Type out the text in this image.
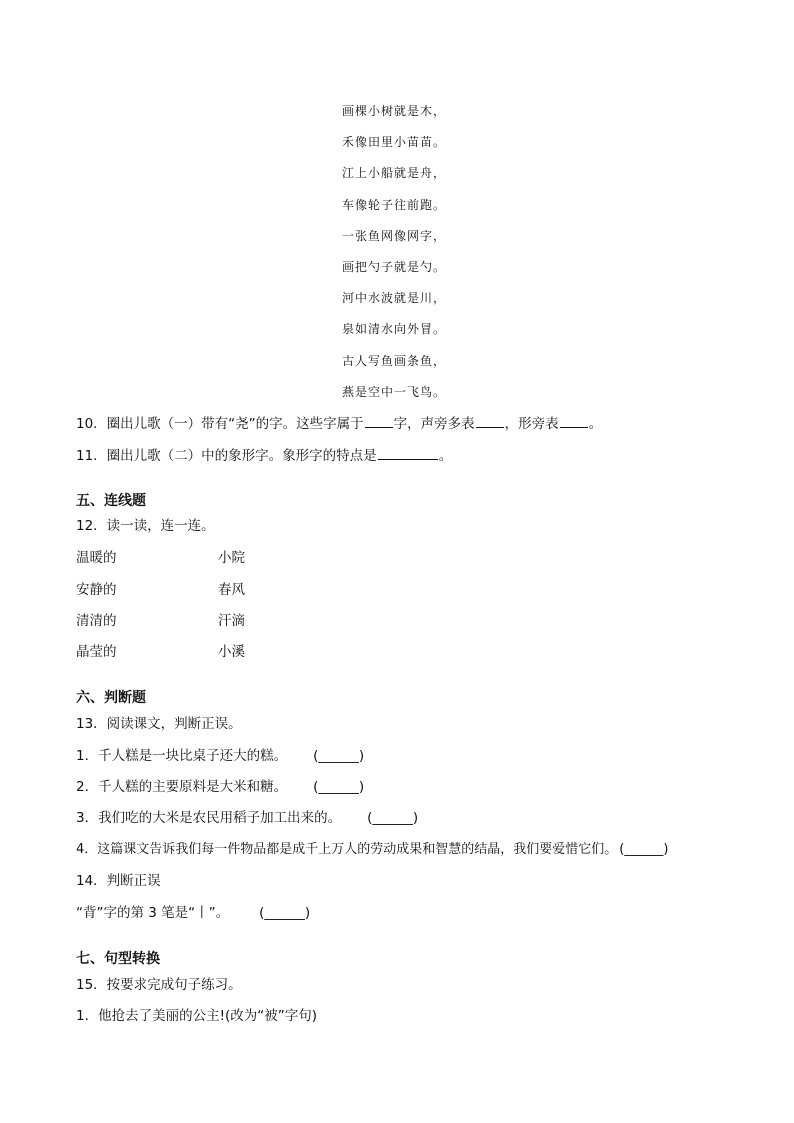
画棵小树就是木，
禾像田里小苗苗。
江上小船就是舟，
车像轮子往前跑。
一张鱼网像网字，
画把勺子就是勺。
河中水波就是川，
泉如清水向外冒。
古人写鱼画条鱼，
燕是空中一飞鸟。
10．圈出儿歌（一）带有“尧”的字。这些字属于 字，声旁多表 ，形旁表 。
11．圈出儿歌（二）中的象形字。象形字的特点是	。
五、连线题
12．读一读，连一连。
温暖的	小院
安静的	春风
清清的	汗滴
晶莹的	小溪
六、判断题
13．阅读课文，判断正误。
1．千人糕是一块比桌子还大的糕。 (______)
2．千人糕的主要原料是大米和糖。 (______)
3．我们吃的大米是农民用稻子加工出来的。 (______)
4．这篇课文告诉我们每一件物品都是成千上万人的劳动成果和智慧的结晶，我们要爱惜它们。 (______)
14．判断正误
“背”字的第 3 笔是“丨”。 (______)
七、句型转换
15．按要求完成句子练习。
1．他抢去了美丽的公主!(改为“被”字句)
